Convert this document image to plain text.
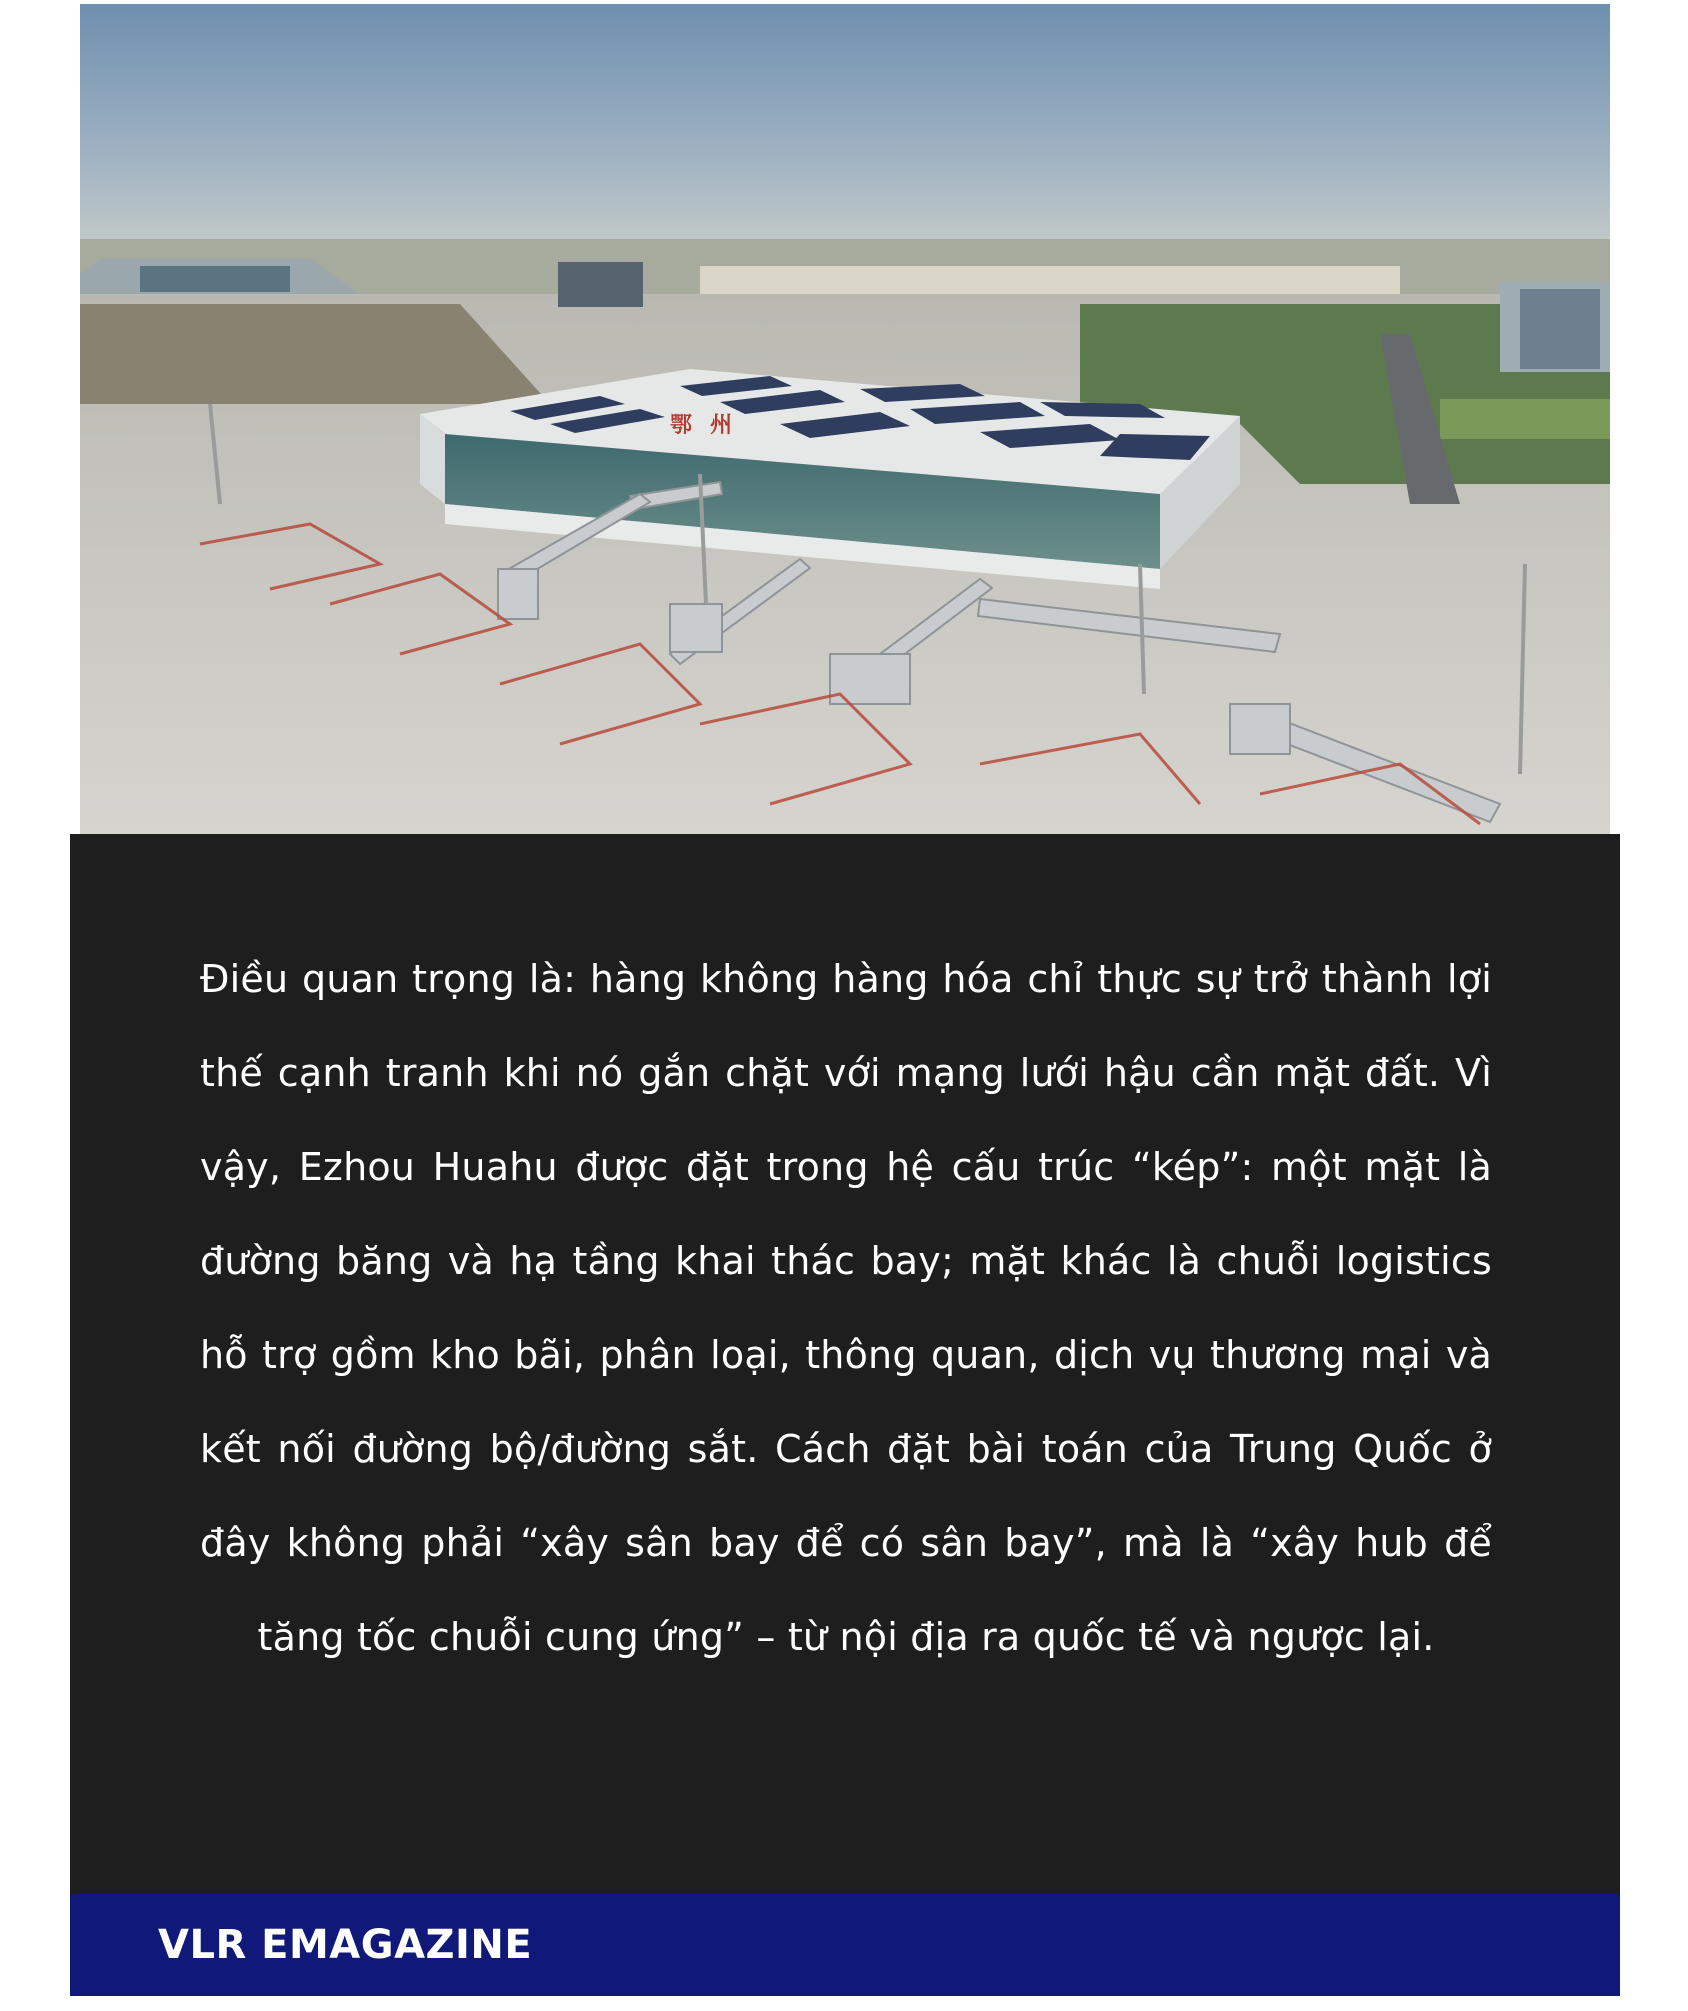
鄂州

Điều quan trọng là: hàng không hàng hóa chỉ thực sự trở thành lợi thế cạnh tranh khi nó gắn chặt với mạng lưới hậu cần mặt đất. Vì vậy, Ezhou Huahu được đặt trong hệ cấu trúc “kép”: một mặt là đường băng và hạ tầng khai thác bay; mặt khác là chuỗi logistics hỗ trợ gồm kho bãi, phân loại, thông quan, dịch vụ thương mại và kết nối đường bộ/đường sắt. Cách đặt bài toán của Trung Quốc ở đây không phải “xây sân bay để có sân bay”, mà là “xây hub để tăng tốc chuỗi cung ứng” – từ nội địa ra quốc tế và ngược lại.

VLR EMAGAZINE
